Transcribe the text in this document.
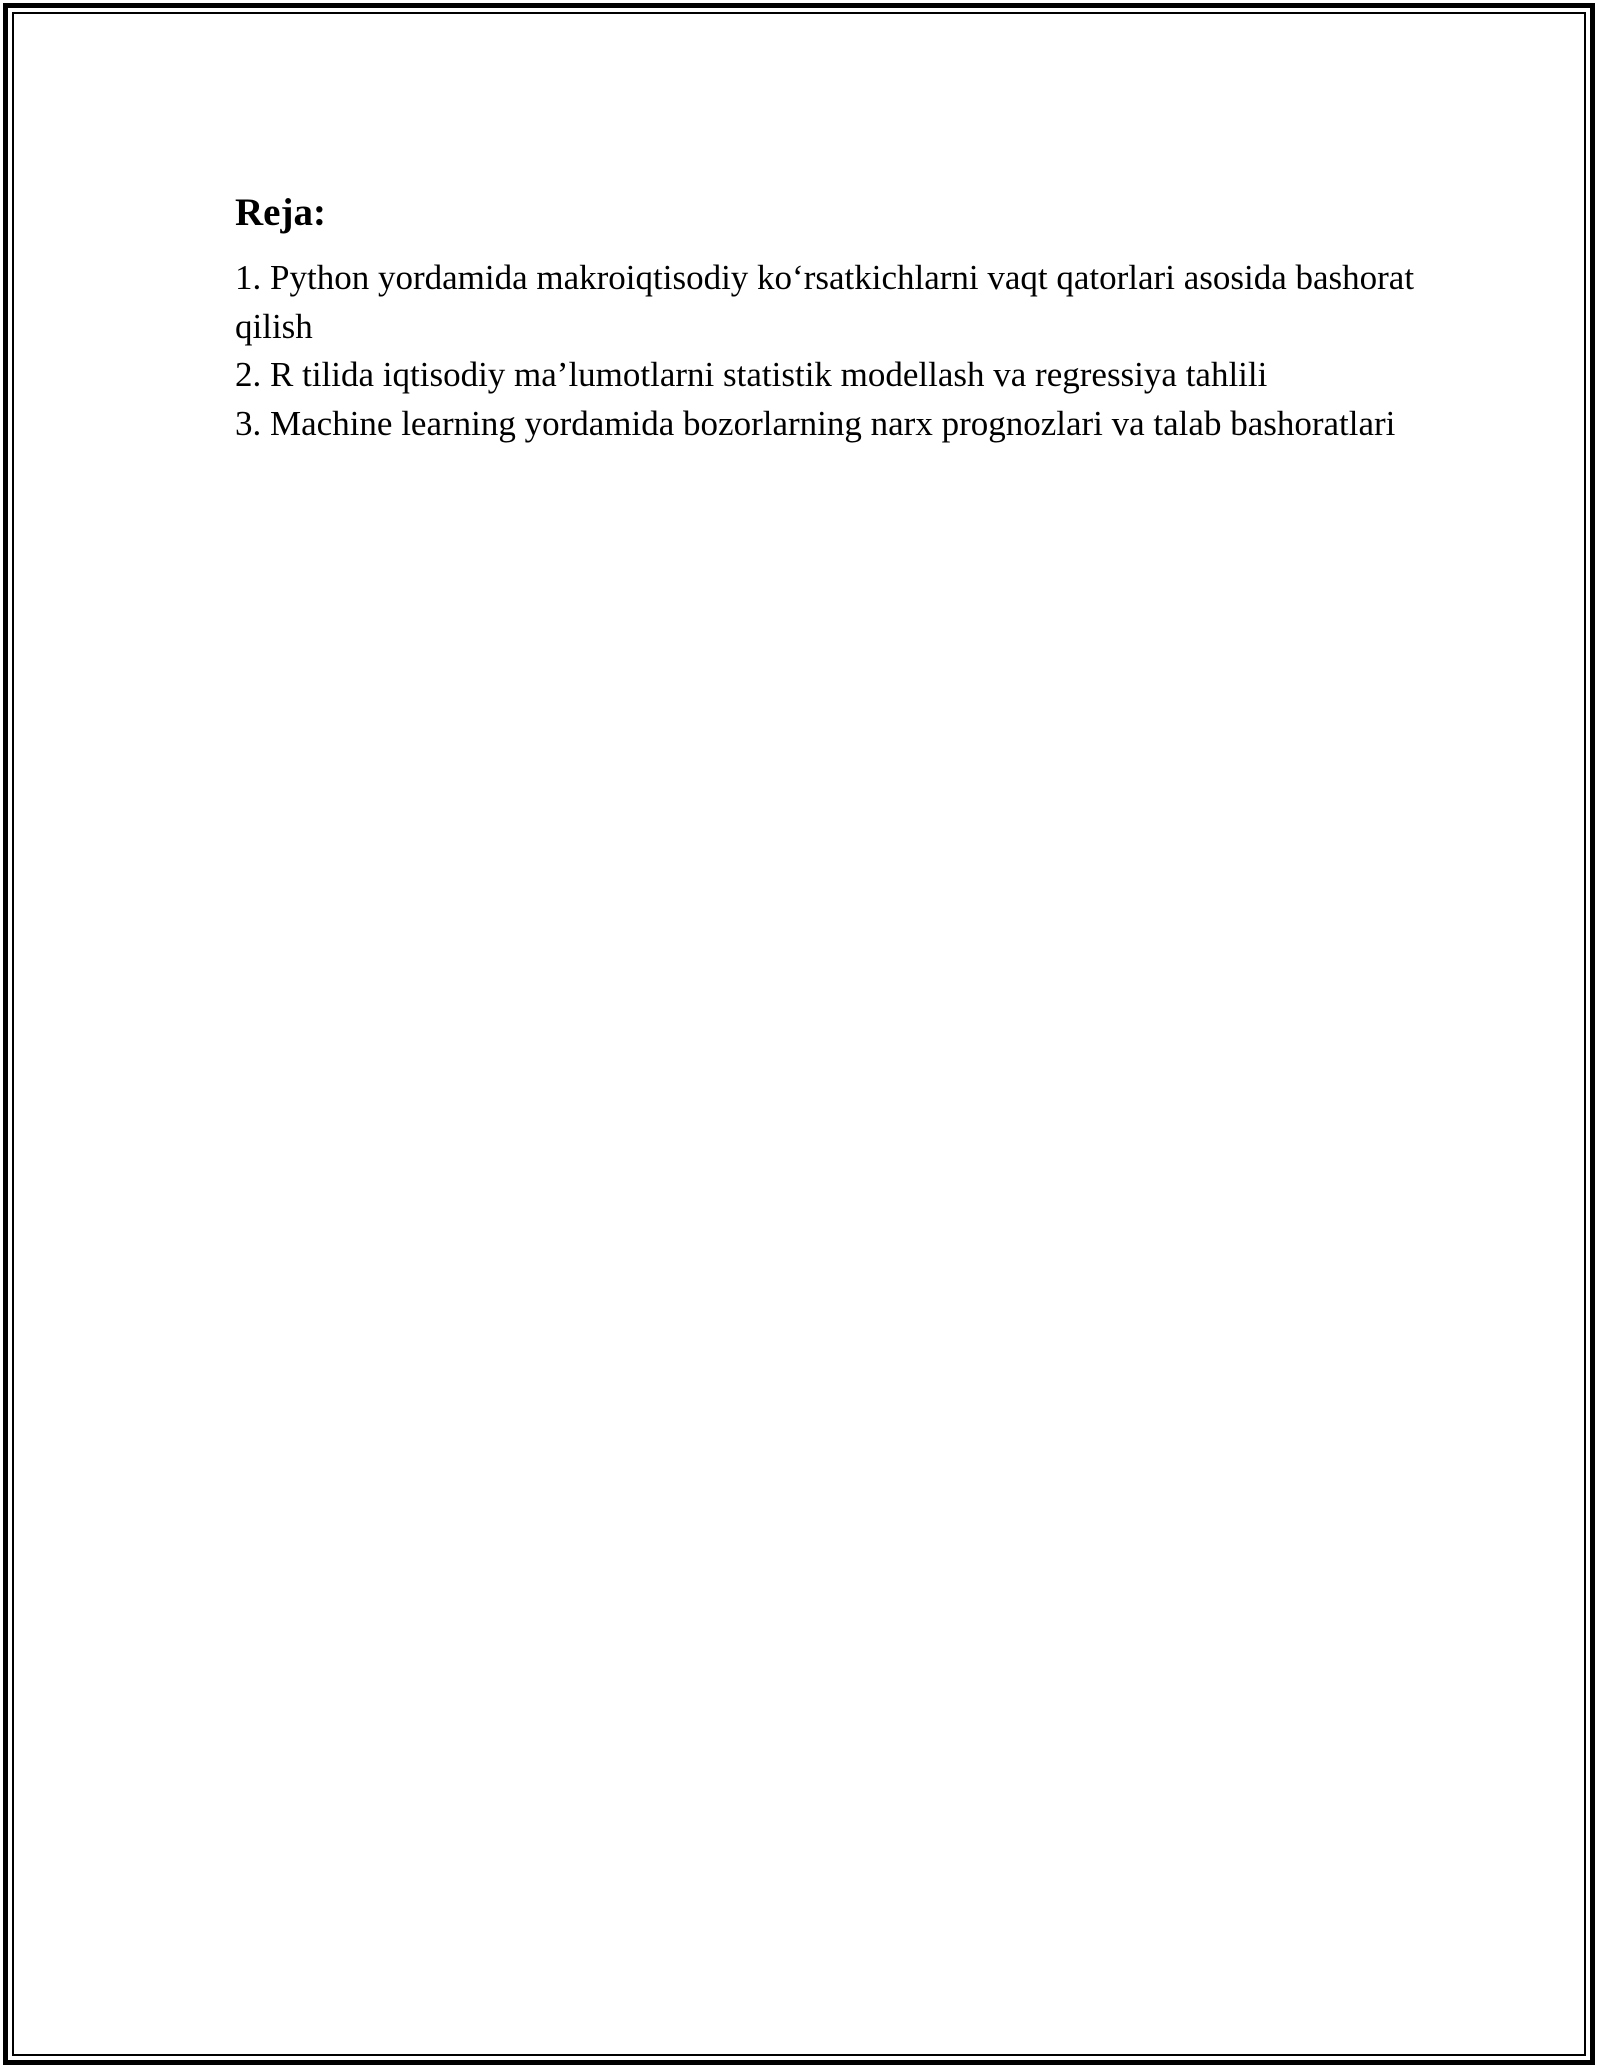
Reja:
1. Python yordamida makroiqtisodiy ko‘rsatkichlarni vaqt qatorlari asosida bashorat qilish
2. R tilida iqtisodiy ma’lumotlarni statistik modellash va regressiya tahlili
3. Machine learning yordamida bozorlarning narx prognozlari va talab bashoratlari
